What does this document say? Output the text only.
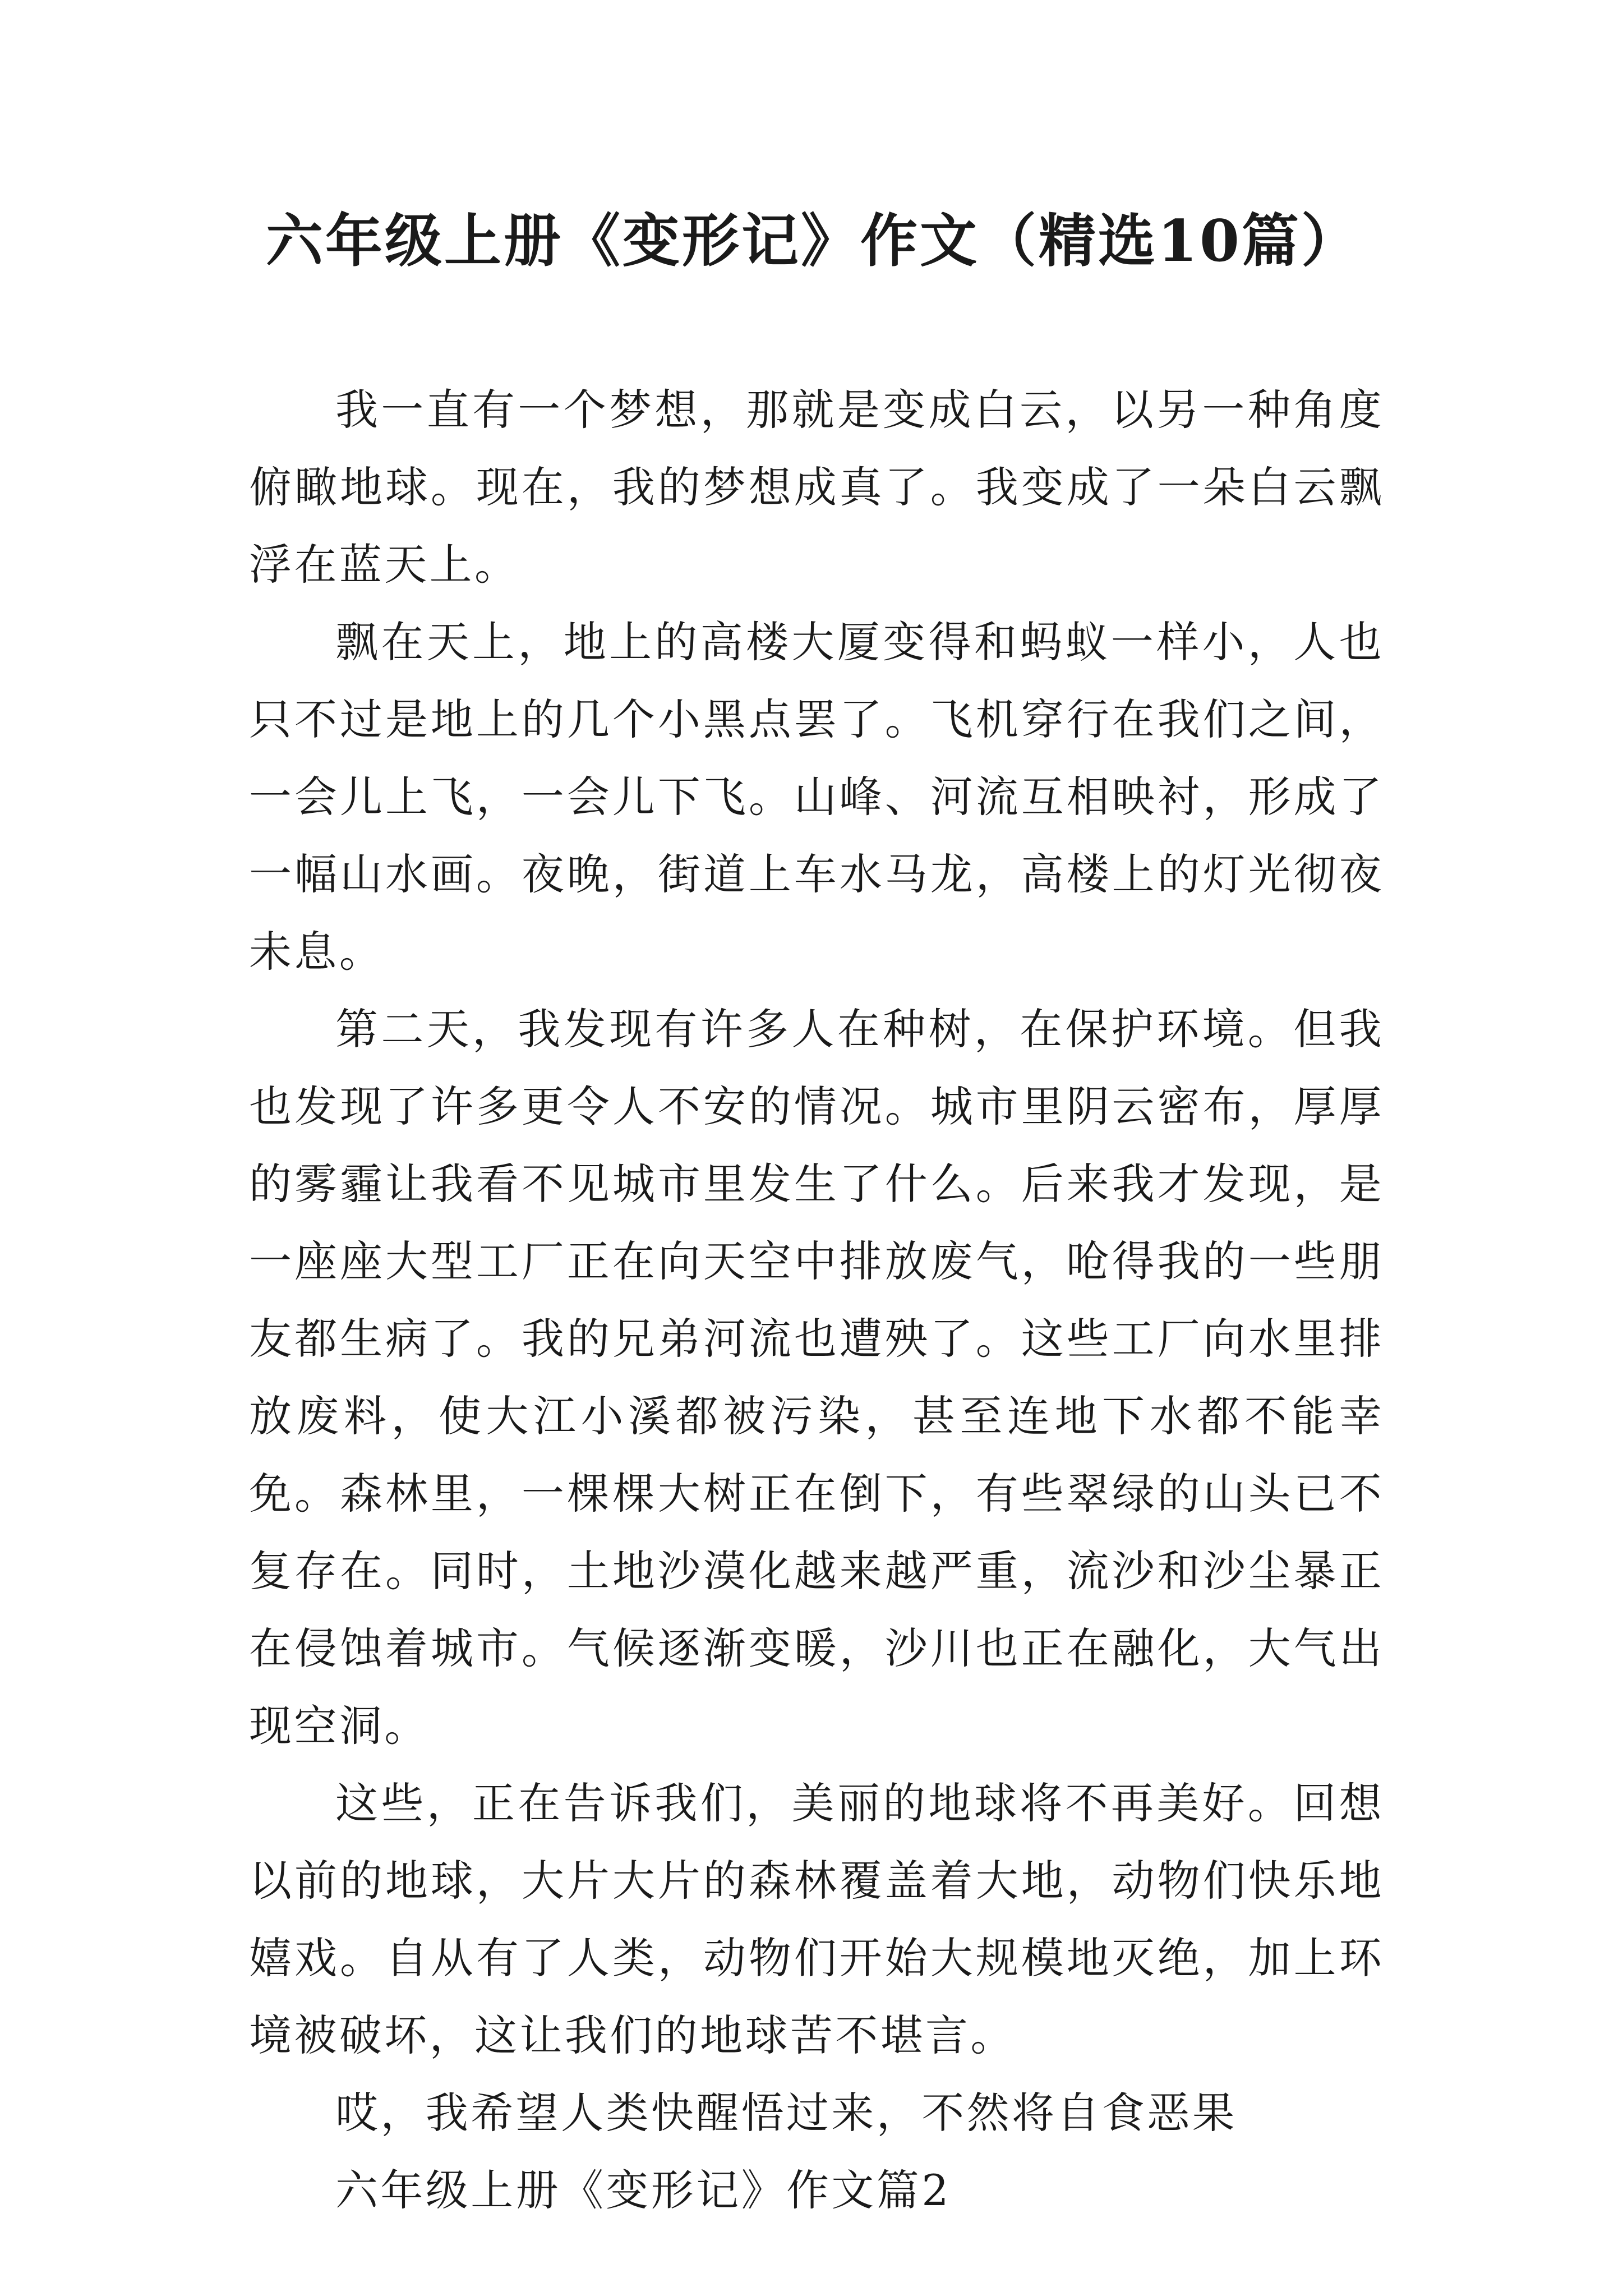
六年级上册《变形记》作文（精选10篇）

我一直有一个梦想，那就是变成白云，以另一种角度俯瞰地球。现在，我的梦想成真了。我变成了一朵白云飘浮在蓝天上。

飘在天上，地上的高楼大厦变得和蚂蚁一样小，人也只不过是地上的几个小黑点罢了。飞机穿行在我们之间，一会儿上飞，一会儿下飞。山峰、河流互相映衬，形成了一幅山水画。夜晚，街道上车水马龙，高楼上的灯光彻夜未息。

第二天，我发现有许多人在种树，在保护环境。但我也发现了许多更令人不安的情况。城市里阴云密布，厚厚的雾霾让我看不见城市里发生了什么。后来我才发现，是一座座大型工厂正在向天空中排放废气，呛得我的一些朋友都生病了。我的兄弟河流也遭殃了。这些工厂向水里排放废料，使大江小溪都被污染，甚至连地下水都不能幸免。森林里，一棵棵大树正在倒下，有些翠绿的山头已不复存在。同时，土地沙漠化越来越严重，流沙和沙尘暴正在侵蚀着城市。气候逐渐变暖，沙川也正在融化，大气出现空洞。

这些，正在告诉我们，美丽的地球将不再美好。回想以前的地球，大片大片的森林覆盖着大地，动物们快乐地嬉戏。自从有了人类，动物们开始大规模地灭绝，加上环境被破坏，这让我们的地球苦不堪言。

哎，我希望人类快醒悟过来，不然将自食恶果

六年级上册《变形记》作文篇2
